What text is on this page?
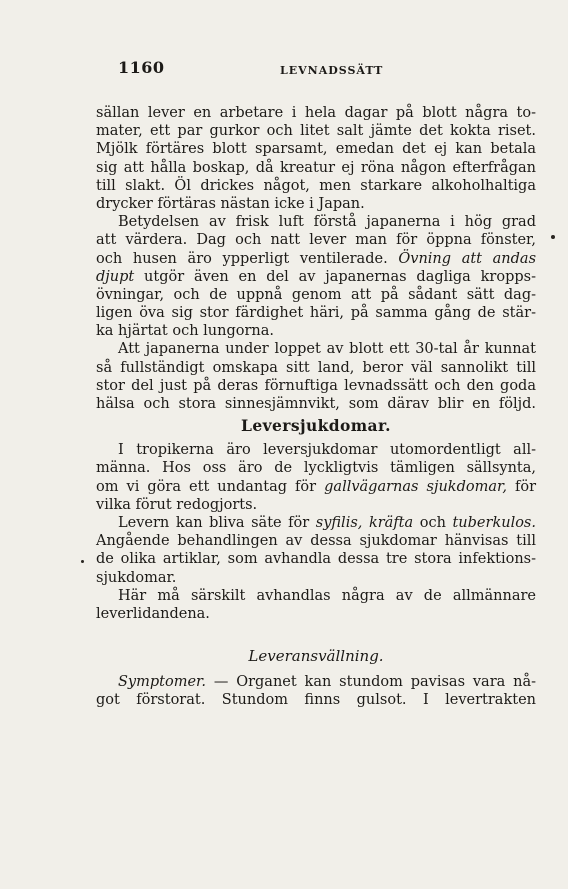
1160	LEVNADSSÄTT
sällan lever en arbetare i hela dagar på blott några to-
mater, ett par gurkor och litet salt jämte det kokta riset.
Mjölk förtäres blott sparsamt, emedan det ej kan betala
sig att hålla boskap, då kreatur ej röna någon efterfrågan
till slakt. Öl drickes något, men starkare alkoholhaltiga
drycker förtäras nästan icke i Japan.
Betydelsen av frisk luft förstå japanerna i hög grad
att värdera. Dag och natt lever man för öppna fönster,
och husen äro ypperligt ventilerade. Övning att andas
djupt utgör även en del av japanernas dagliga kropps-
övningar, och de uppnå genom att på sådant sätt dag-
ligen öva sig stor färdighet häri, på samma gång de stär-
ka hjärtat och lungorna.
Att japanerna under loppet av blott ett 30-tal år kunnat
så fullständigt omskapa sitt land, beror väl sannolikt till
stor del just på deras förnuftiga levnadssätt och den goda
hälsa och stora sinnesjämnvikt, som därav blir en följd.
Leversjukdomar.
I tropikerna äro leversjukdomar utomordentligt all-
männa. Hos oss äro de lyckligtvis tämligen sällsynta,
om vi göra ett undantag för gallvägarnas sjukdomar, för
vilka förut redogjorts.
Levern kan bliva säte för syfilis, kräfta och tuberkulos.
Angående behandlingen av dessa sjukdomar hänvisas till
de olika artiklar, som avhandla dessa tre stora infektions-
sjukdomar.
Här må särskilt avhandlas några av de allmännare
leverlidandena.
Leveransvällning.
Symptomer. — Organet kan stundom pavisas vara nå-
got förstorat. Stundom finns gulsot. I levertrakten
